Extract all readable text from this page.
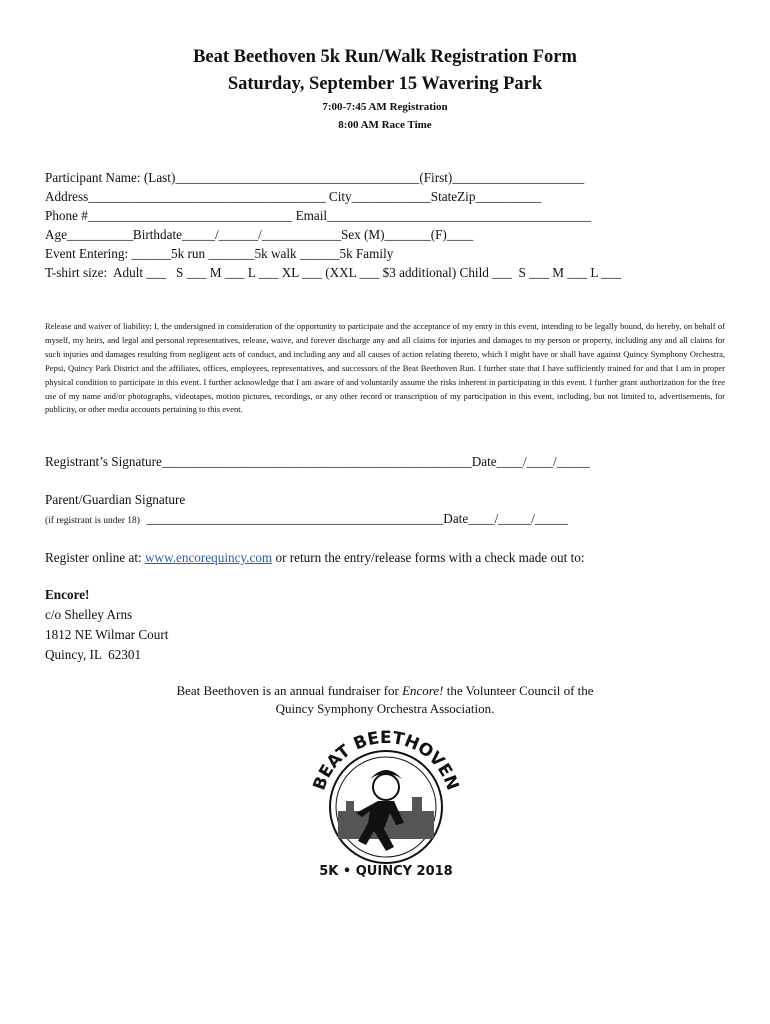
Beat Beethoven 5k Run/Walk Registration Form
Saturday, September 15 Wavering Park
7:00-7:45 AM Registration
8:00 AM Race Time
Participant Name: (Last)_____________________________________(First)____________________
Address____________________________________ City____________StateZip__________
Phone #_______________________________ Email________________________________________
Age__________Birthdate_____/______/____________Sex (M)_______(F)____
Event Entering: ______5k run _______5k walk ______5k Family
T-shirt size:  Adult ___   S ___ M ___ L ___ XL ___ (XXL ___ $3 additional) Child ___  S ___ M ___ L ___
Release and waiver of liability: I, the undersigned in consideration of the opportunity to participate and the acceptance of my entry in this event, intending to be legally bound, do hereby, on behalf of myself, my heirs, and legal and personal representatives, release, waive, and forever discharge any and all claims for injuries and damages to my person or property, including any and all claims for such injuries and damages resulting from negligent acts of conduct, and including any and all causes of action relating thereto, which I might have or shall have against Quincy Symphony Orchestra, Pepsi, Quincy Park District and the affiliates, offices, employees, representatives, and successors of the Beat Beethoven Run. I further state that I have sufficiently trained for and that I am in proper physical condition to participate in this event. I further acknowledge that I am aware of and voluntarily assume the risks inherent in participating in this event. I further grant authorization for the free use of my name and/or photographs, videotapes, motion pictures, recordings, or any other record or transcription of my participation in this event, including, but not limited to, advertisements, for publicity, or other media accounts pertaining to this event.
Registrant’s Signature_______________________________________________Date____/____/_____
Parent/Guardian Signature
(if registrant is under 18) _____________________________________________Date____/_____/_____
Register online at: www.encorequincy.com or return the entry/release forms with a check made out to:
Encore!
c/o Shelley Arns
1812 NE Wilmar Court
Quincy, IL  62301
Beat Beethoven is an annual fundraiser for Encore! the Volunteer Council of the
Quincy Symphony Orchestra Association.
BEAT BEETHOVEN
5K • QUINCY 2018
